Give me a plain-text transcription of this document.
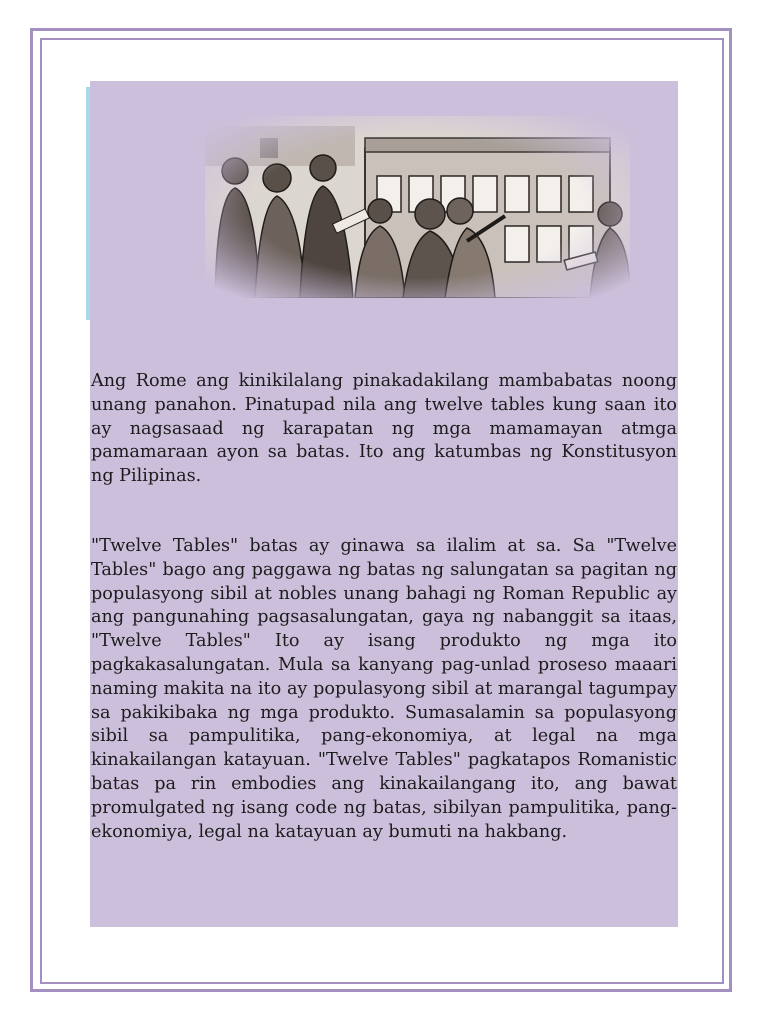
Ang Rome ang kinikilalang pinakadakilang mambabatas noong unang panahon. Pinatupad nila ang twelve tables kung saan ito ay nagsasaad ng karapatan ng mga mamamayan atmga pamamaraan ayon sa batas. Ito ang katumbas ng Konstitusyon ng Pilipinas.

"Twelve Tables" batas ay ginawa sa ilalim at sa. Sa "Twelve Tables" bago ang paggawa ng batas ng salungatan sa pagitan ng populasyong sibil at nobles unang bahagi ng Roman Republic ay ang pangunahing pagsasalungatan, gaya ng nabanggit sa itaas, "Twelve Tables" Ito ay isang produkto ng mga ito pagkakasalungatan. Mula sa kanyang pag-unlad proseso maaari naming makita na ito ay populasyong sibil at marangal tagumpay sa pakikibaka ng mga produkto. Sumasalamin sa populasyong sibil sa pampulitika, pang-ekonomiya, at legal na mga kinakailangan katayuan. "Twelve Tables" pagkatapos Romanistic batas pa rin embodies ang kinakailangang ito, ang bawat promulgated ng isang code ng batas, sibilyan pampulitika, pang-ekonomiya, legal na katayuan ay bumuti na hakbang.
